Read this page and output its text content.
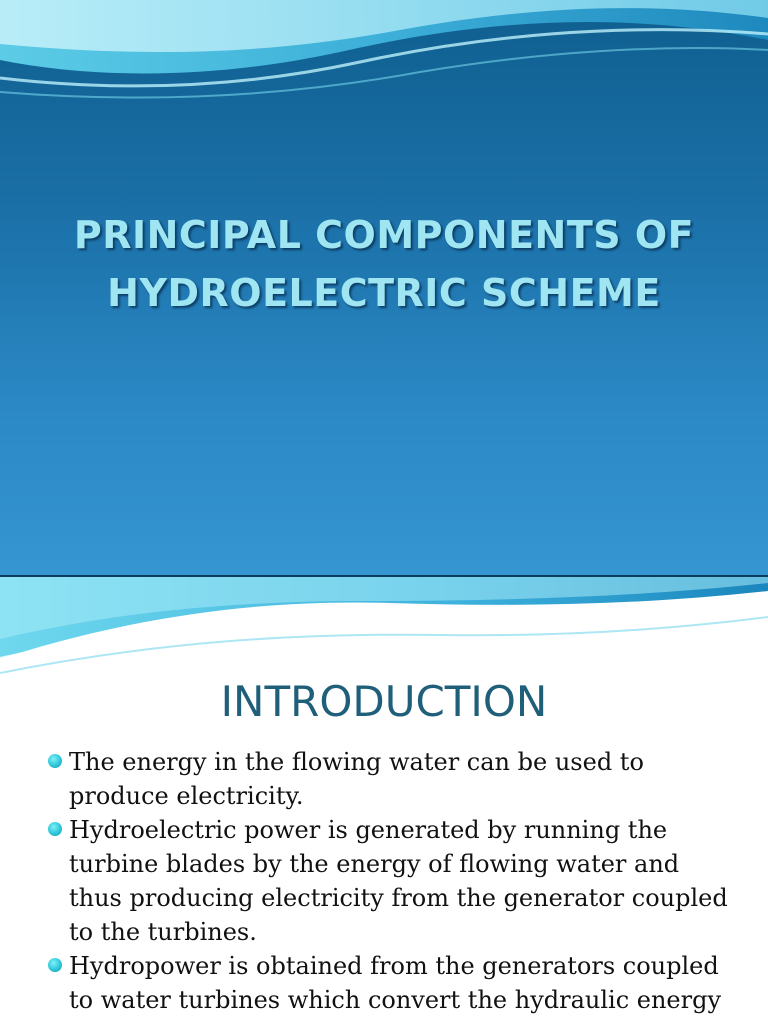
PRINCIPAL COMPONENTS OF
HYDROELECTRIC SCHEME
INTRODUCTION
The energy in the flowing water can be used to
produce electricity.
Hydroelectric power is generated by running the
turbine blades by the energy of flowing water and
thus producing electricity from the generator coupled
to the turbines.
Hydropower is obtained from the generators coupled
to water turbines which convert the hydraulic energy
